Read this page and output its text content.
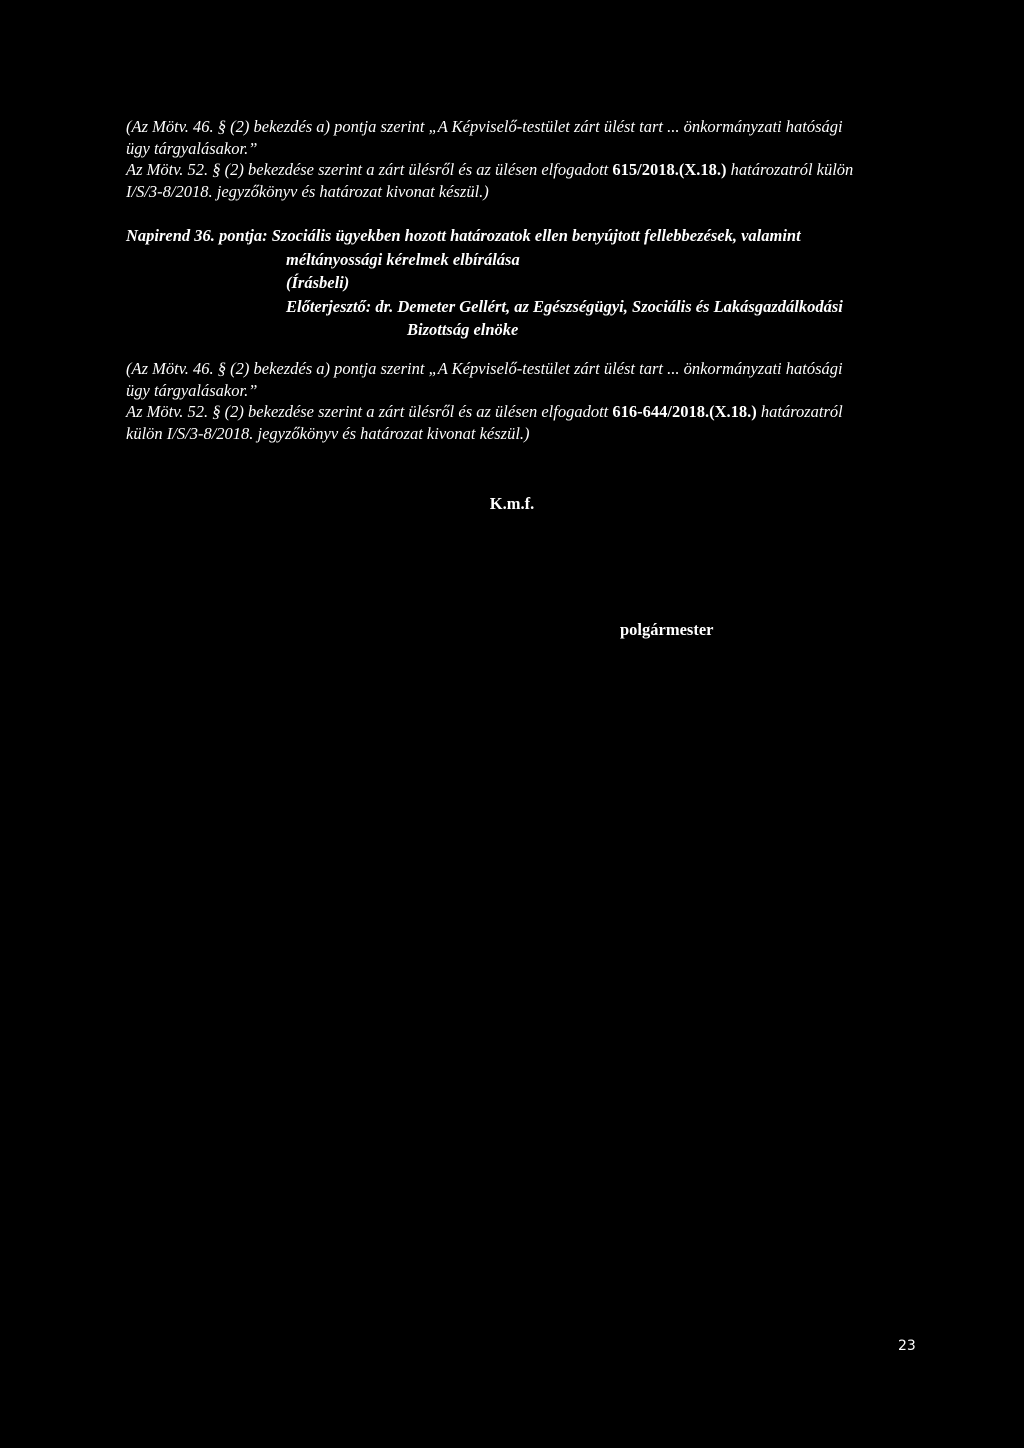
(Az Mötv. 46. § (2) bekezdés a) pontja szerint „A Képviselő-testület zárt ülést tart ... önkormányzati hatósági
ügy tárgyalásakor.”
Az Mötv. 52. § (2) bekezdése szerint a zárt ülésről és az ülésen elfogadott 615/2018.(X.18.) határozatról külön
I/S/3-8/2018. jegyzőkönyv és határozat kivonat készül.)
Napirend 36. pontja: Szociális ügyekben hozott határozatok ellen benyújtott fellebbezések, valamint
méltányossági kérelmek elbírálása
(Írásbeli)
Előterjesztő: dr. Demeter Gellért, az Egészségügyi, Szociális és Lakásgazdálkodási
Bizottság elnöke
(Az Mötv. 46. § (2) bekezdés a) pontja szerint „A Képviselő-testület zárt ülést tart ... önkormányzati hatósági
ügy tárgyalásakor.”
Az Mötv. 52. § (2) bekezdése szerint a zárt ülésről és az ülésen elfogadott 616-644/2018.(X.18.) határozatról
külön I/S/3-8/2018. jegyzőkönyv és határozat kivonat készül.)
K.m.f.
polgármester
23
